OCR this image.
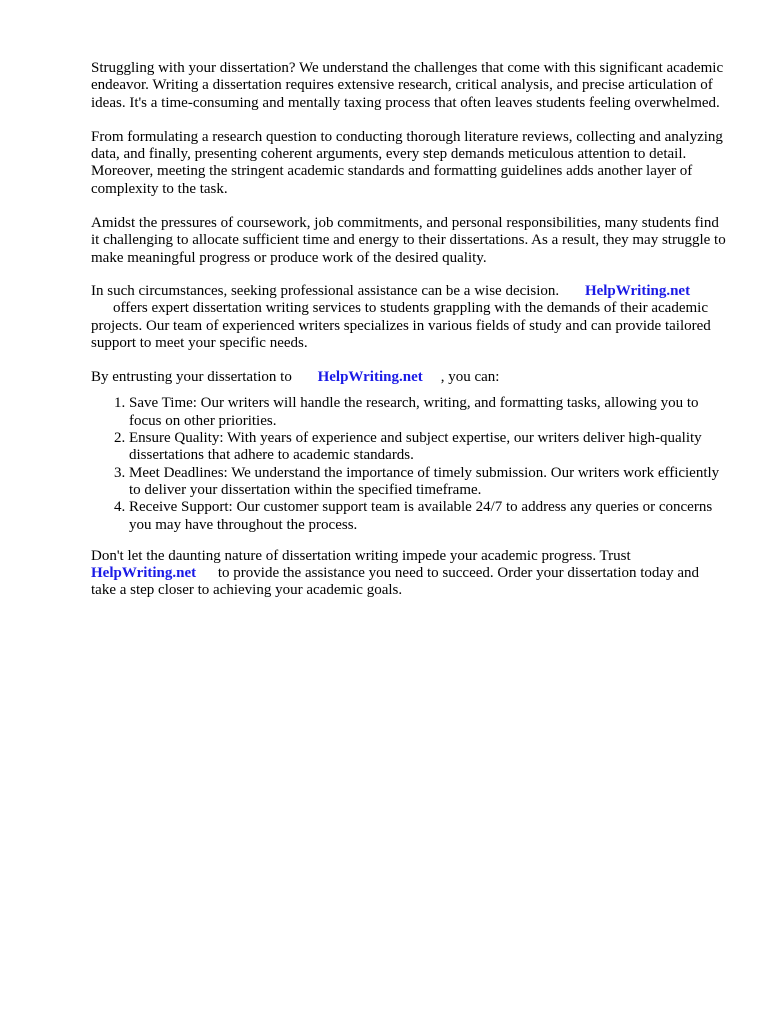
Struggling with your dissertation? We understand the challenges that come with this significant academic endeavor. Writing a dissertation requires extensive research, critical analysis, and precise articulation of ideas. It's a time-consuming and mentally taxing process that often leaves students feeling overwhelmed.

From formulating a research question to conducting thorough literature reviews, collecting and analyzing data, and finally, presenting coherent arguments, every step demands meticulous attention to detail. Moreover, meeting the stringent academic standards and formatting guidelines adds another layer of complexity to the task.

Amidst the pressures of coursework, job commitments, and personal responsibilities, many students find it challenging to allocate sufficient time and energy to their dissertations. As a result, they may struggle to make meaningful progress or produce work of the desired quality.

In such circumstances, seeking professional assistance can be a wise decision. HelpWriting.net
offers expert dissertation writing services to students grappling with the demands of their academic projects. Our team of experienced writers specializes in various fields of study and can provide tailored support to meet your specific needs.

By entrusting your dissertation to HelpWriting.net , you can:

1. Save Time: Our writers will handle the research, writing, and formatting tasks, allowing you to focus on other priorities.
2. Ensure Quality: With years of experience and subject expertise, our writers deliver high-quality dissertations that adhere to academic standards.
3. Meet Deadlines: We understand the importance of timely submission. Our writers work efficiently to deliver your dissertation within the specified timeframe.
4. Receive Support: Our customer support team is available 24/7 to address any queries or concerns you may have throughout the process.

Don't let the daunting nature of dissertation writing impede your academic progress. Trust
HelpWriting.net to provide the assistance you need to succeed. Order your dissertation today and take a step closer to achieving your academic goals.
